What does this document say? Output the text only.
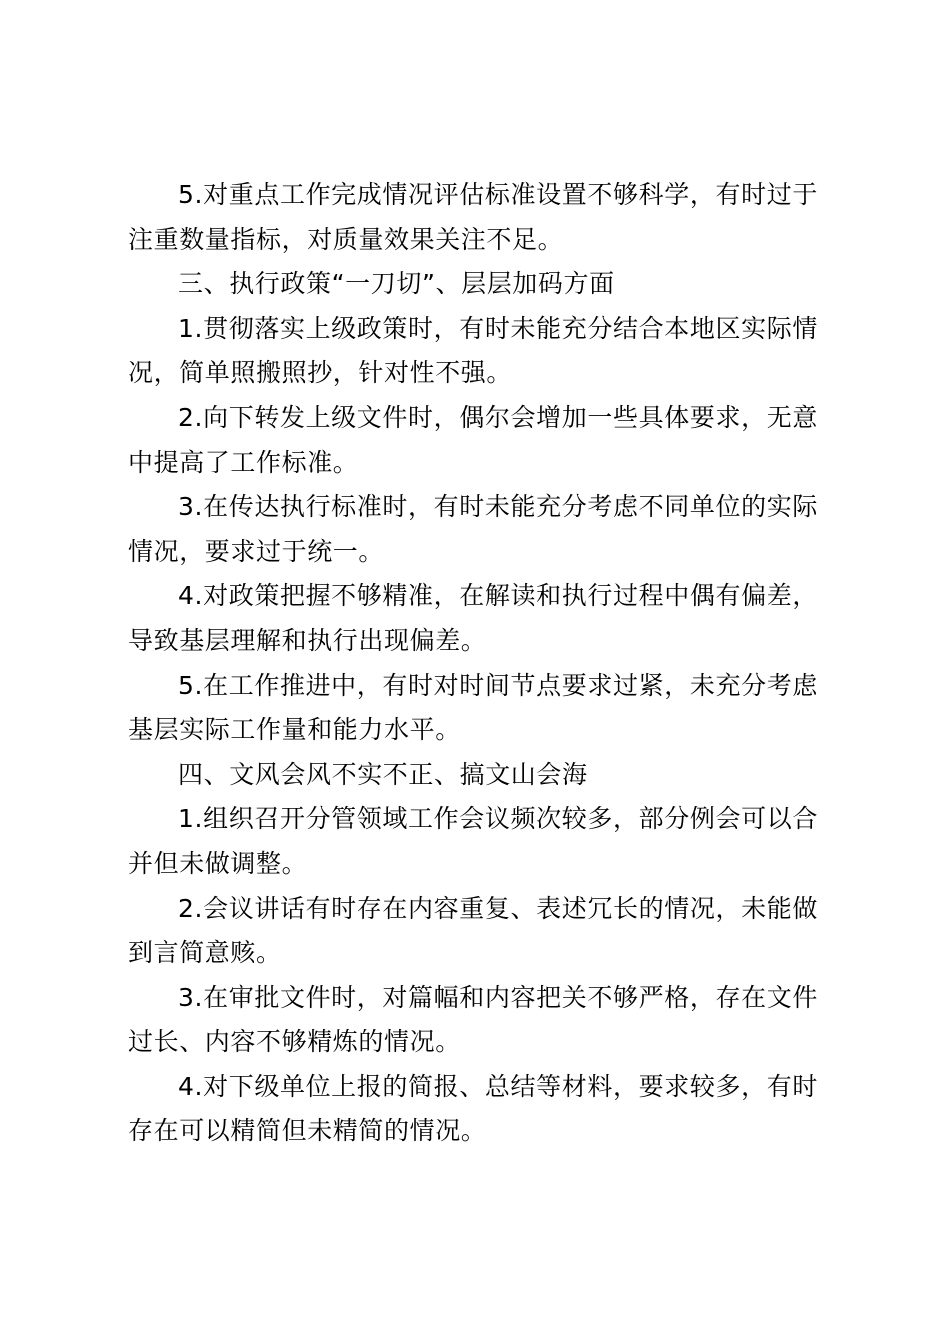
5.对重点工作完成情况评估标准设置不够科学，有时过于注重数量指标，对质量效果关注不足。

三、执行政策“一刀切”、层层加码方面

1.贯彻落实上级政策时，有时未能充分结合本地区实际情况，简单照搬照抄，针对性不强。

2.向下转发上级文件时，偶尔会增加一些具体要求，无意中提高了工作标准。

3.在传达执行标准时，有时未能充分考虑不同单位的实际情况，要求过于统一。

4.对政策把握不够精准，在解读和执行过程中偶有偏差，导致基层理解和执行出现偏差。

5.在工作推进中，有时对时间节点要求过紧，未充分考虑基层实际工作量和能力水平。

四、文风会风不实不正、搞文山会海

1.组织召开分管领域工作会议频次较多，部分例会可以合并但未做调整。

2.会议讲话有时存在内容重复、表述冗长的情况，未能做到言简意赅。

3.在审批文件时，对篇幅和内容把关不够严格，存在文件过长、内容不够精炼的情况。

4.对下级单位上报的简报、总结等材料，要求较多，有时存在可以精简但未精简的情况。
